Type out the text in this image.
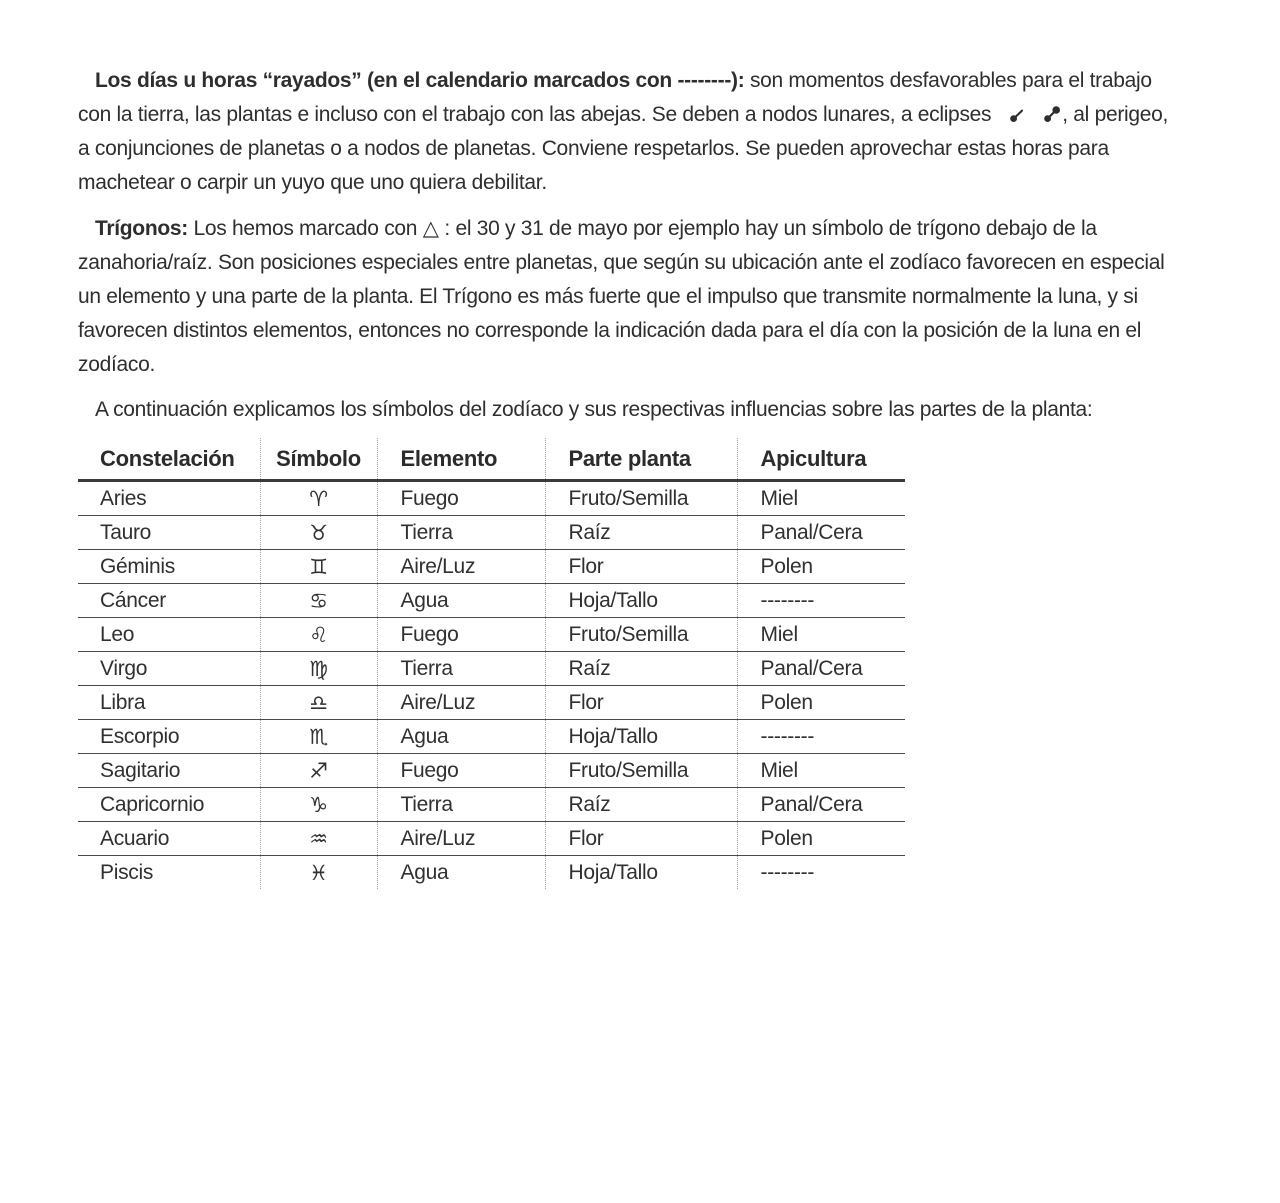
Los días u horas “rayados” (en el calendario marcados con --------): son momentos desfavorables para el trabajo con la tierra, las plantas e incluso con el trabajo con las abejas. Se deben a nodos lunares, a eclipses	, al perigeo, a conjunciones de planetas o a nodos de planetas. Conviene respetarlos. Se pueden aprovechar estas horas para machetear o carpir un yuyo que uno quiera debilitar.

Trígonos: Los hemos marcado con △ : el 30 y 31 de mayo por ejemplo hay un símbolo de trígono debajo de la zanahoria/raíz. Son posiciones especiales entre planetas, que según su ubicación ante el zodíaco favorecen en especial un elemento y una parte de la planta. El Trígono es más fuerte que el impulso que transmite normalmente la luna, y si favorecen distintos elementos, entonces no corresponde la indicación dada para el día con la posición de la luna en el zodíaco.

A continuación explicamos los símbolos del zodíaco y sus respectivas influencias sobre las partes de la planta:

Constelación	Símbolo	Elemento	Parte planta	Apicultura
Aries	♈	Fuego	Fruto/Semilla	Miel
Tauro	♉	Tierra	Raíz	Panal/Cera
Géminis	♊	Aire/Luz	Flor	Polen
Cáncer	♋	Agua	Hoja/Tallo	--------
Leo	♌	Fuego	Fruto/Semilla	Miel
Virgo	♍	Tierra	Raíz	Panal/Cera
Libra	♎	Aire/Luz	Flor	Polen
Escorpio	♏	Agua	Hoja/Tallo	--------
Sagitario	♐	Fuego	Fruto/Semilla	Miel
Capricornio	♑	Tierra	Raíz	Panal/Cera
Acuario	♒	Aire/Luz	Flor	Polen
Piscis	♓	Agua	Hoja/Tallo	--------
